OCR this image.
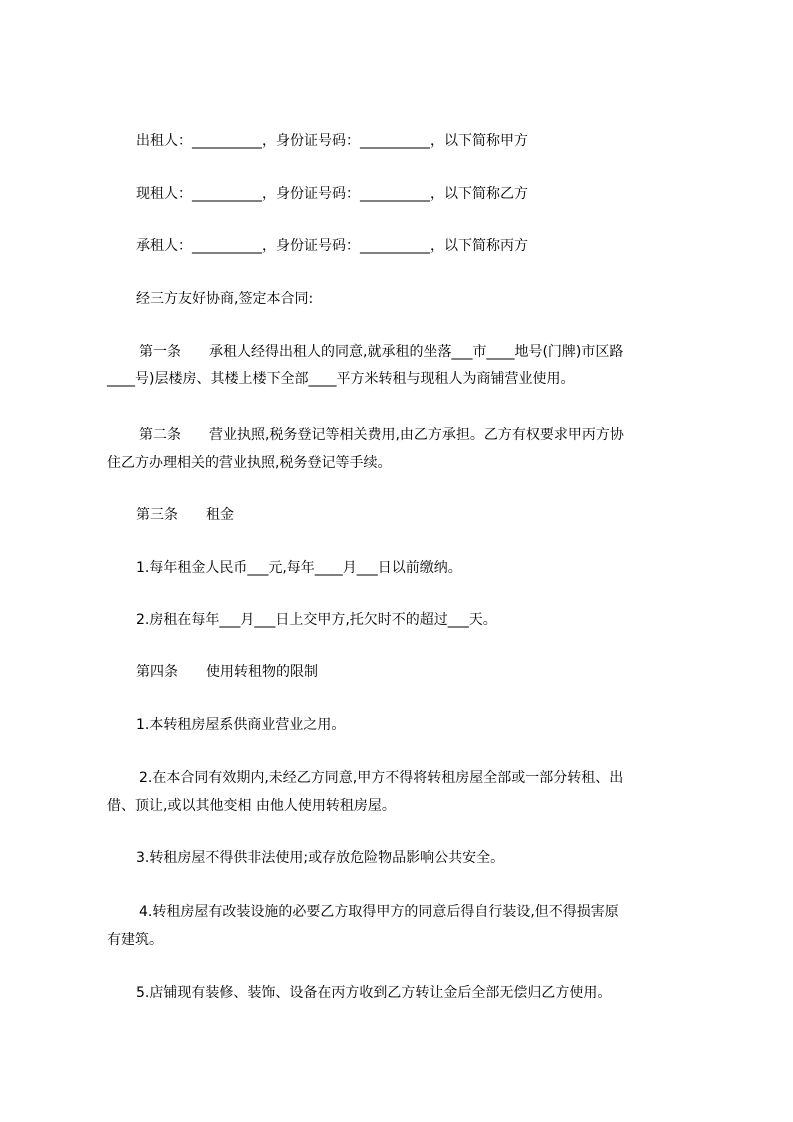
出租人：__________，身份证号码：__________，以下简称甲方
现租人：__________，身份证号码：__________，以下简称乙方
承租人：__________，身份证号码：__________，以下简称丙方
经三方友好协商,签定本合同:
第一条　　承租人经得出租人的同意,就承租的坐落___市____地号(门牌)市区路
____号)层楼房、其楼上楼下全部____平方米转租与现租人为商铺营业使用。
第二条　　营业执照,税务登记等相关费用,由乙方承担。乙方有权要求甲丙方协
住乙方办理相关的营业执照,税务登记等手续。
第三条　　租金
1.每年租金人民币___元,每年____月___日以前缴纳。
2.房租在每年___月___日上交甲方,托欠时不的超过___天。
第四条　　使用转租物的限制
1.本转租房屋系供商业营业之用。
2.在本合同有效期内,未经乙方同意,甲方不得将转租房屋全部或一部分转租、出
借、顶让,或以其他变相 由他人使用转租房屋。
3.转租房屋不得供非法使用;或存放危险物品影响公共安全。
4.转租房屋有改装设施的必要乙方取得甲方的同意后得自行装设,但不得损害原
有建筑。
5.店铺现有装修、装饰、设备在丙方收到乙方转让金后全部无偿归乙方使用。
